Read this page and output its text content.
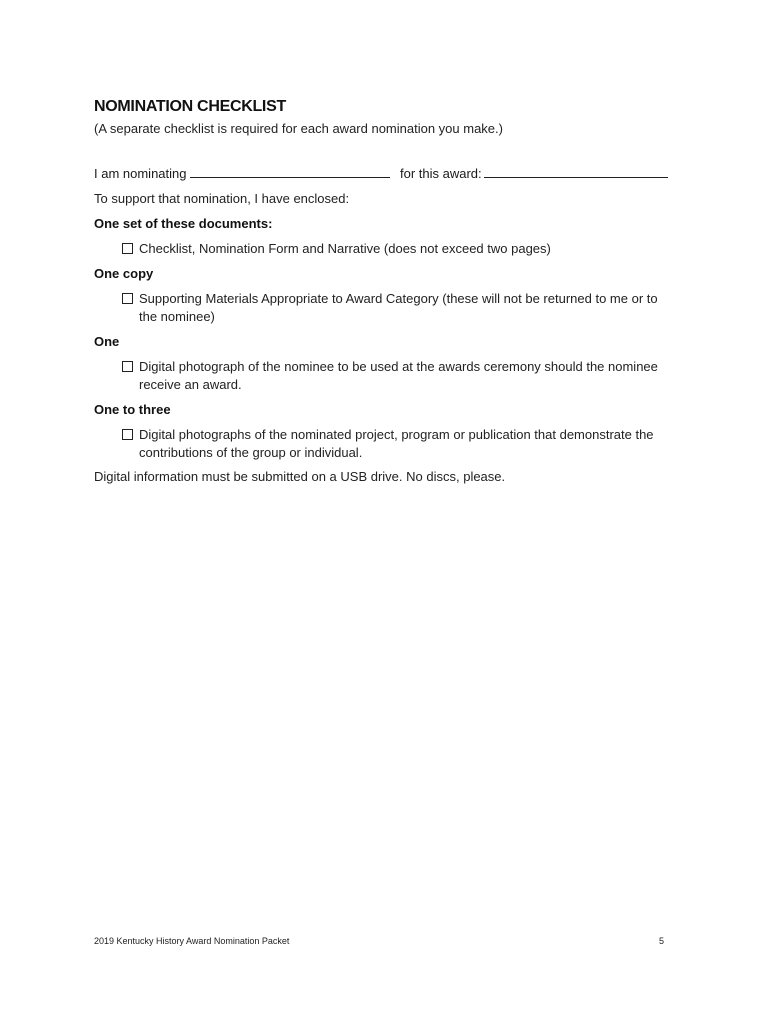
NOMINATION CHECKLIST
(A separate checklist is required for each award nomination you make.)
I am nominating	for this award:
To support that nomination, I have enclosed:
One set of these documents:
Checklist, Nomination Form and Narrative (does not exceed two pages)
One copy
Supporting Materials Appropriate to Award Category (these will not be returned to me or to the nominee)
One
Digital photograph of the nominee to be used at the awards ceremony should the nominee receive an award.
One to three
Digital photographs of the nominated project, program or publication that demonstrate the contributions of the group or individual.
Digital information must be submitted on a USB drive. No discs, please.
2019 Kentucky History Award Nomination Packet	5
